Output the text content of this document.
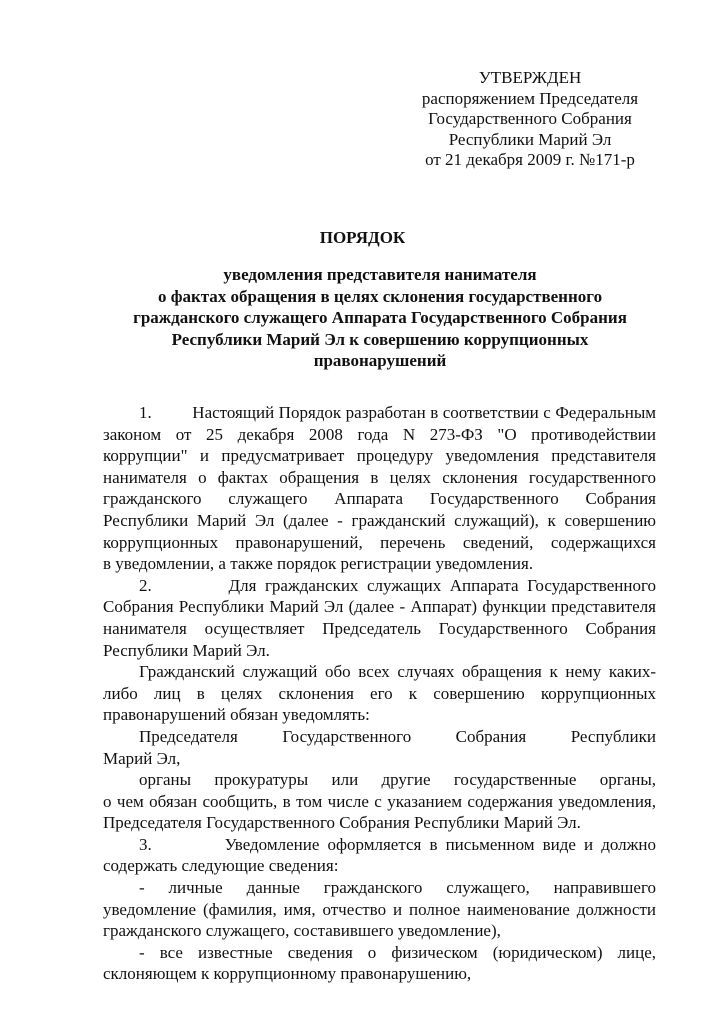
УТВЕРЖДЕН
распоряжением Председателя
Государственного Собрания
Республики Марий Эл
от 21 декабря 2009 г. №171-р
ПОРЯДОК
уведомления представителя нанимателя
о фактах обращения в целях склонения государственного
гражданского служащего Аппарата Государственного Собрания
Республики Марий Эл к совершению коррупционных
правонарушений
1.         Настоящий Порядок разработан в соответствии с Федеральным
законом от 25 декабря 2008 года N 273-ФЗ "О противодействии
коррупции" и предусматривает процедуру уведомления представителя
нанимателя о фактах обращения в целях склонения государственного
гражданского служащего Аппарата Государственного Собрания
Республики Марий Эл (далее - гражданский служащий), к совершению
коррупционных правонарушений, перечень сведений, содержащихся
в уведомлении, а также порядок регистрации уведомления.
2.         Для гражданских служащих Аппарата Государственного
Собрания Республики Марий Эл (далее - Аппарат) функции представителя
нанимателя осуществляет Председатель Государственного Собрания
Республики Марий Эл.
Гражданский служащий обо всех случаях обращения к нему каких-
либо лиц в целях склонения его к совершению коррупционных
правонарушений обязан уведомлять:
Председателя Государственного Собрания Республики
Марий Эл,
органы прокуратуры или другие государственные органы,
о чем обязан сообщить, в том числе с указанием содержания уведомления,
Председателя Государственного Собрания Республики Марий Эл.
3.         Уведомление оформляется в письменном виде и должно
содержать следующие сведения:
- личные данные гражданского служащего, направившего
уведомление (фамилия, имя, отчество и полное наименование должности
гражданского служащего, составившего уведомление),
- все известные сведения о физическом (юридическом) лице,
склоняющем к коррупционному правонарушению,
